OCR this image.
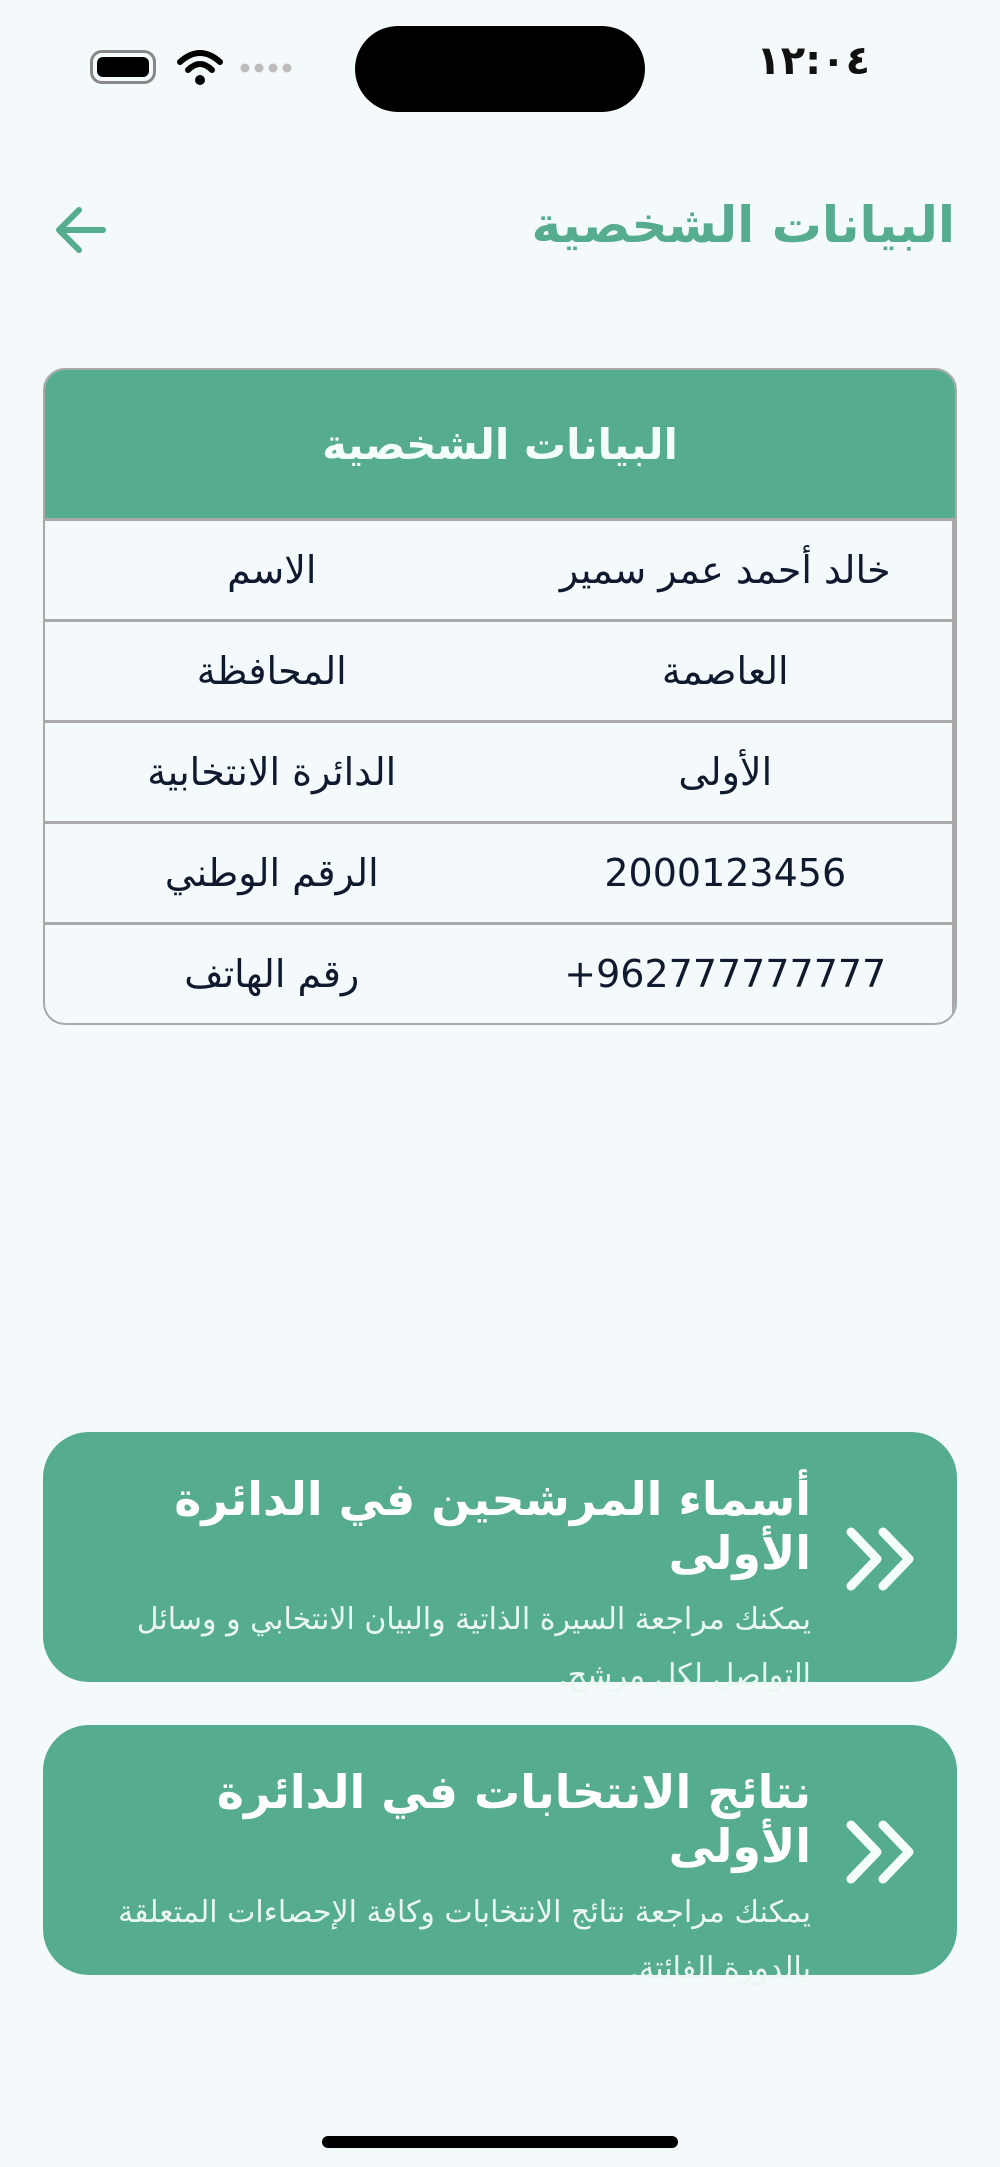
١٢:٠٤
البيانات الشخصية
البيانات الشخصية
الاسم	خالد أحمد عمر سمير
المحافظة	العاصمة
الدائرة الانتخابية	الأولى
الرقم الوطني	2000123456
رقم الهاتف	+962777777777
أسماء المرشحين في الدائرة الأولى
يمكنك مراجعة السيرة الذاتية والبيان الانتخابي و وسائل التواصل لكل مرشح.
نتائج الانتخابات في الدائرة الأولى
يمكنك مراجعة نتائج الانتخابات وكافة الإحصاءات المتعلقة بالدورة الفائتة.
